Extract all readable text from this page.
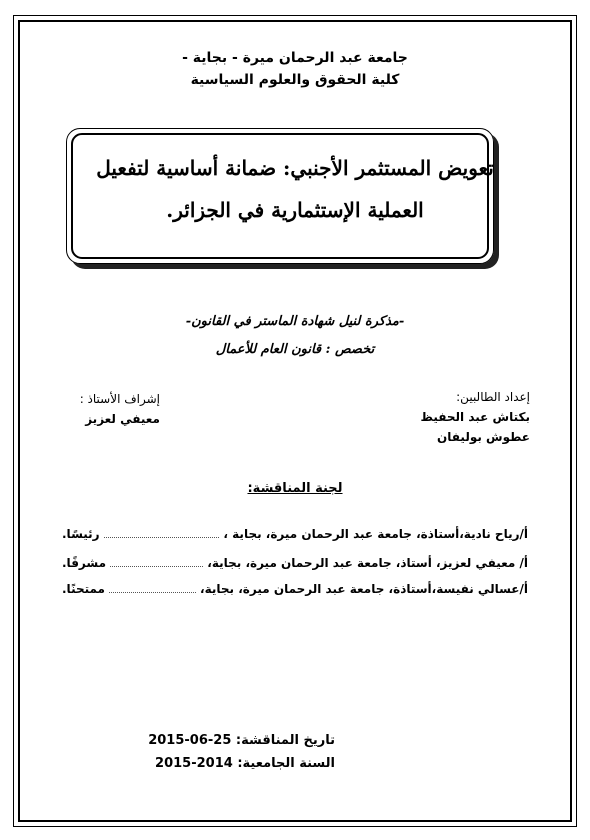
جامعة عبد الرحمان ميرة - بجاية -
كلية الحقوق والعلوم السياسية
تعويض المستثمر الأجنبي: ضمانة أساسية لتفعيل
العملية الإستثمارية في الجزائر.
-مذكرة لنيل شهادة الماستر في القانون-
تخصص : قانون العام للأعمال
إعداد الطالبين:
بكتاش عبد الحفيظ
عطوش بوليفان
إشراف الأستاذ :
معيفي لعزيز
لجنة المناقشة:
أ/رياح نادية،أستاذة، جامعة عبد الرحمان ميرة، بجاية ،
رئيسًا.
أ/ معيفي لعزيز، أستاذ، جامعة عبد الرحمان ميرة، بجاية،
مشرفًا.
أ/عسالي نفيسة،أستاذة، جامعة عبد الرحمان ميرة، بجاية،
ممتحنًا.
تاريخ المناقشة: 25-06-2015
السنة الجامعية: 2014-2015
